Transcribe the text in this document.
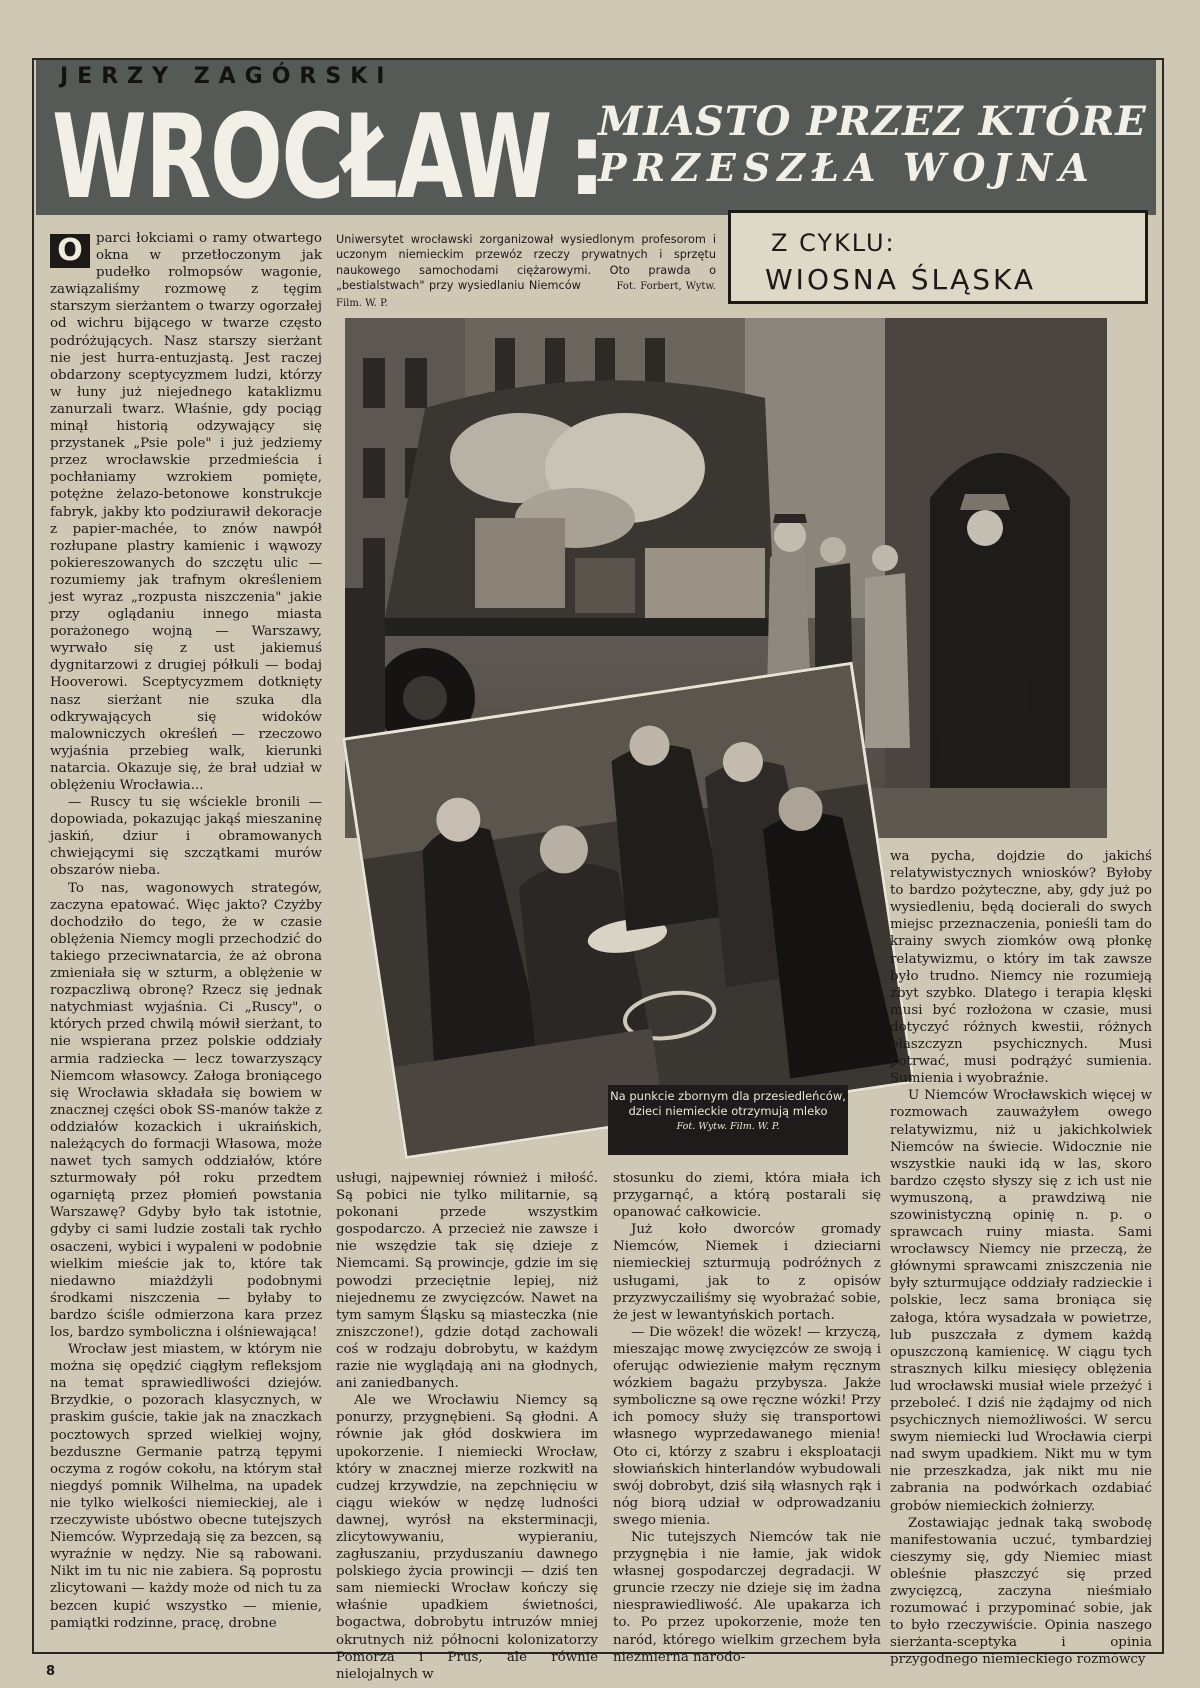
JERZY ZAGÓRSKI
WROCŁAW :
MIASTO PRZEZ KTÓRE
PRZESZŁA WOJNA
Z CYKLU:
WIOSNA ŚLĄSKA
Uniwersytet wrocławski zorganizował wysiedlonym profesorom i uczonym niemieckim przewóz rzeczy prywatnych i sprzętu naukowego samochodami ciężarowymi. Oto prawda o „bestialstwach" przy wysiedlaniu Niemców	Fot. Forbert, Wytw. Film. W. P.
Na punkcie zbornym dla przesiedleńców, dzieci niemieckie otrzymują mleko
Fot. Wytw. Film. W. P.

O parci łokciami o ramy otwartego okna w przetłoczonym jak pudełko rolmopsów wagonie, zawiązaliśmy rozmowę z tęgim starszym sierżantem o twarzy ogorzałej od wichru bijącego w twarze często podróżujących. Nasz starszy sierżant nie jest hurra-entuzjastą. Jest raczej obdarzony sceptycyzmem ludzi, którzy w łuny już niejednego kataklizmu zanurzali twarz. Właśnie, gdy pociąg minął historią odzywający się przystanek „Psie pole" i już jedziemy przez wrocławskie przedmieścia i pochłaniamy wzrokiem pomięte, potężne żelazo-betonowe konstrukcje fabryk, jakby kto podziurawił dekoracje z papier-machée, to znów nawpół rozłupane plastry kamienic i wąwozy pokiereszowanych do szczętu ulic — rozumiemy jak trafnym określeniem jest wyraz „rozpusta niszczenia" jakie przy oglądaniu innego miasta porażonego wojną — Warszawy, wyrwało się z ust jakiemuś dygnitarzowi z drugiej półkuli — bodaj Hooverowi. Sceptycyzmem dotknięty nasz sierżant nie szuka dla odkrywających się widoków malowniczych określeń — rzeczowo wyjaśnia przebieg walk, kierunki natarcia. Okazuje się, że brał udział w oblężeniu Wrocławia...

— Ruscy tu się wściekle bronili — dopowiada, pokazując jakąś mieszaninę jaskiń, dziur i obramowanych chwiejącymi się szczątkami murów obszarów nieba.

To nas, wagonowych strategów, zaczyna epatować. Więc jakto? Czyżby dochodziło do tego, że w czasie oblężenia Niemcy mogli przechodzić do takiego przeciwnatarcia, że aż obrona zmieniała się w szturm, a oblężenie w rozpaczliwą obronę? Rzecz się jednak natychmiast wyjaśnia. Ci „Ruscy", o których przed chwilą mówił sierżant, to nie wspierana przez polskie oddziały armia radziecka — lecz towarzyszący Niemcom własowcy. Załoga broniącego się Wrocławia składała się bowiem w znacznej części obok SS-manów także z oddziałów kozackich i ukraińskich, należących do formacji Własowa, może nawet tych samych oddziałów, które szturmowały pół roku przedtem ogarniętą przez płomień powstania Warszawę? Gdyby było tak istotnie, gdyby ci sami ludzie zostali tak rychło osaczeni, wybici i wypaleni w podobnie wielkim mieście jak to, które tak niedawno miażdżyli podobnymi środkami niszczenia — byłaby to bardzo ściśle odmierzona kara przez los, bardzo symboliczna i olśniewająca!

Wrocław jest miastem, w którym nie można się opędzić ciągłym refleksjom na temat sprawiedliwości dziejów. Brzydkie, o pozorach klasycznych, w praskim guście, takie jak na znaczkach pocztowych sprzed wielkiej wojny, bezduszne Germanie patrzą tępymi oczyma z rogów cokołu, na którym stał niegdyś pomnik Wilhelma, na upadek nie tylko wielkości niemieckiej, ale i rzeczywiste ubóstwo obecne tutejszych Niemców. Wyprzedają się za bezcen, są wyraźnie w nędzy. Nie są rabowani. Nikt im tu nic nie zabiera. Są poprostu zlicytowani — każdy może od nich tu za bezcen kupić wszystko — mienie, pamiątki rodzinne, pracę, drobne

usługi, najpewniej również i miłość. Są pobici nie tylko militarnie, są pokonani przede wszystkim gospodarczo. A przecież nie zawsze i nie wszędzie tak się dzieje z Niemcami. Są prowincje, gdzie im się powodzi przeciętnie lepiej, niż niejednemu ze zwycięzców. Nawet na tym samym Śląsku są miasteczka (nie zniszczone!), gdzie dotąd zachowali coś w rodzaju dobrobytu, w każdym razie nie wyglądają ani na głodnych, ani zaniedbanych.

Ale we Wrocławiu Niemcy są ponurzy, przygnębieni. Są głodni. A równie jak głód doskwiera im upokorzenie. I niemiecki Wrocław, który w znacznej mierze rozkwitł na cudzej krzywdzie, na zepchnięciu w ciągu wieków w nędzę ludności dawnej, wyrósł na eksterminacji, zlicytowywaniu, wypieraniu, zagłuszaniu, przyduszaniu dawnego polskiego życia prowincji — dziś ten sam niemiecki Wrocław kończy się właśnie upadkiem świetności, bogactwa, dobrobytu intruzów mniej okrutnych niż północni kolonizatorzy Pomorza i Prus, ale równie nielojalnych w

stosunku do ziemi, która miała ich przygarnąć, a którą postarali się opanować całkowicie.

Już koło dworców gromady Niemców, Niemek i dzieciarni niemieckiej szturmują podróżnych z usługami, jak to z opisów przyzwyczailiśmy się wyobrażać sobie, że jest w lewantyńskich portach.

— Die wözek! die wözek! — krzyczą, mieszając mowę zwycięzców ze swoją i oferując odwiezienie małym ręcznym wózkiem bagażu przybysza. Jakże symboliczne są owe ręczne wózki! Przy ich pomocy służy się transportowi własnego wyprzedawanego mienia! Oto ci, którzy z szabru i eksploatacji słowiańskich hinterlandów wybudowali swój dobrobyt, dziś siłą własnych rąk i nóg biorą udział w odprowadzaniu swego mienia.

Nic tutejszych Niemców tak nie przygnębia i nie łamie, jak widok własnej gospodarczej degradacji. W gruncie rzeczy nie dzieje się im żadna niesprawiedliwość. Ale upakarza ich to. Po przez upokorzenie, może ten naród, którego wielkim grzechem była niezmierna narodo-

wa pycha, dojdzie do jakichś relatywistycznych wniosków? Byłoby to bardzo pożyteczne, aby, gdy już po wysiedleniu, będą docierali do swych miejsc przeznaczenia, ponieśli tam do krainy swych ziomków ową płonkę relatywizmu, o który im tak zawsze było trudno. Niemcy nie rozumieją zbyt szybko. Dlatego i terapia klęski musi być rozłożona w czasie, musi dotyczyć różnych kwestii, różnych płaszczyzn psychicznych. Musi potrwać, musi podrążyć sumienia. Sumienia i wyobraźnie.

U Niemców Wrocławskich więcej w rozmowach zauważyłem owego relatywizmu, niż u jakichkolwiek Niemców na świecie. Widocznie nie wszystkie nauki idą w las, skoro bardzo często słyszy się z ich ust nie wymuszoną, a prawdziwą nie szowinistyczną opinię n. p. o sprawcach ruiny miasta. Sami wrocławscy Niemcy nie przeczą, że głównymi sprawcami zniszczenia nie były szturmujące oddziały radzieckie i polskie, lecz sama broniąca się załoga, która wysadzała w powietrze, lub puszczała z dymem każdą opuszczoną kamienicę. W ciągu tych strasznych kilku miesięcy oblężenia lud wrocławski musiał wiele przeżyć i przeboleć. I dziś nie żądajmy od nich psychicznych niemożliwości. W sercu swym niemiecki lud Wrocławia cierpi nad swym upadkiem. Nikt mu w tym nie przeszkadza, jak nikt mu nie zabrania na podwórkach ozdabiać grobów niemieckich żołnierzy.

Zostawiając jednak taką swobodę manifestowania uczuć, tymbardziej cieszymy się, gdy Niemiec miast obleśnie płaszczyć się przed zwycięzcą, zaczyna nieśmiało rozumować i przypominać sobie, jak to było rzeczywiście. Opinia naszego sierżanta-sceptyka i opinia przygodnego niemieckiego rozmówcy

8
